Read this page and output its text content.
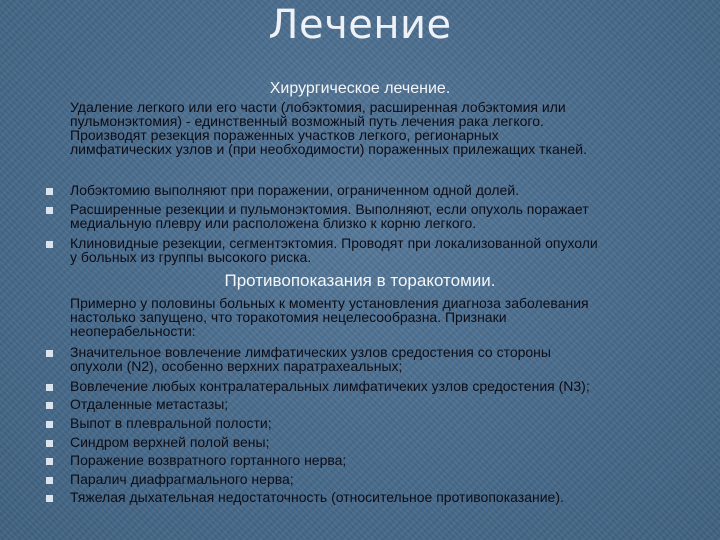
Лечение
Хирургическое лечение.
Удаление легкого или его части (лобэктомия, расширенная лобэктомия или
пульмонэктомия) - единственный возможный путь лечения рака легкого.
Производят резекция пораженных участков легкого, регионарных
лимфатических узлов и (при необходимости) пораженных прилежащих тканей.
Лобэктомию выполняют при поражении, ограниченном одной долей.
Расширенные резекции и пульмонэктомия. Выполняют, если опухоль поражает
медиальную плевру или расположена близко к корню легкого.
Клиновидные резекции, сегментэктомия. Проводят при локализованной опухоли
у больных из группы высокого риска.
Противопоказания в торакотомии.
Примерно у половины больных к моменту установления диагноза заболевания
настолько запущено, что торакотомия нецелесообразна. Признаки
неоперабельности:
Значительное вовлечение лимфатических узлов средостения со стороны
опухоли (N2), особенно верхних паратрахеальных;
Вовлечение любых контралатеральных лимфатичеких узлов средостения (N3);
Отдаленные метастазы;
Выпот в плевральной полости;
Синдром верхней полой вены;
Поражение возвратного гортанного нерва;
Паралич диафрагмального нерва;
Тяжелая дыхательная недостаточность (относительное противопоказание).
